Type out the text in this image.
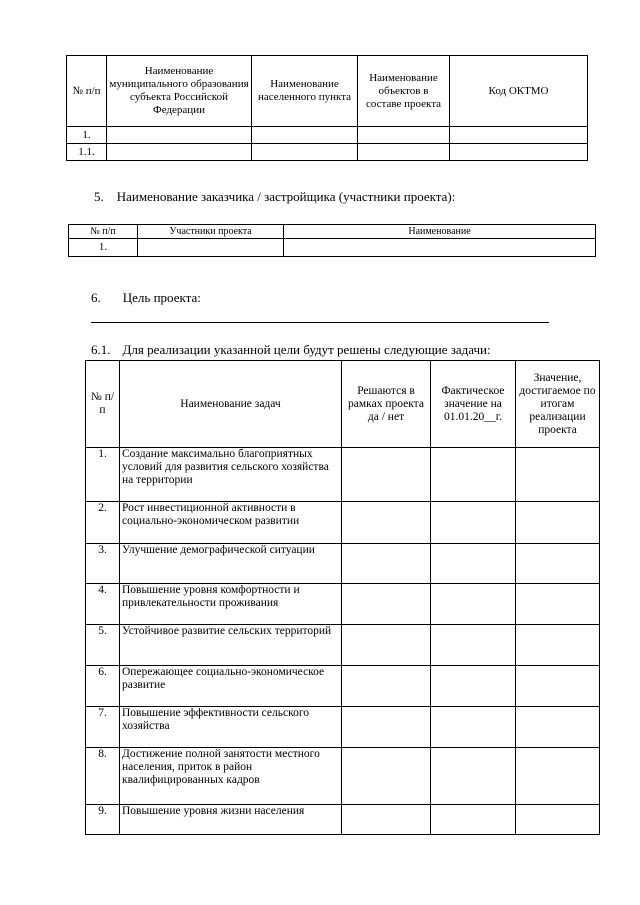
№ п/п	Наименование муниципального образования субъекта Российской Федерации	Наименование населенного пункта	Наименование объектов в составе проекта	Код ОКТМО
1.				
1.1.				
5. Наименование заказчика / застройщика (участники проекта):
№ п/п	Участники проекта	Наименование
1.		
6. Цель проекта:
6.1. Для реализации указанной цели будут решены следующие задачи:
№ п/п	Наименование задач	Решаются в рамках проекта да / нет	Фактическое значение на 01.01.20__г.	Значение, достигаемое по итогам реализации проекта
1.	Создание максимально благоприятных условий для развития сельского хозяйства на территории			
2.	Рост инвестиционной активности в социально-экономическом развитии			
3.	Улучшение демографической ситуации			
4.	Повышение уровня комфортности и привлекательности проживания			
5.	Устойчивое развитие сельских территорий			
6.	Опережающее социально-экономическое развитие			
7.	Повышение эффективности сельского хозяйства			
8.	Достижение полной занятости местного населения, приток в район квалифицированных кадров			
9.	Повышение уровня жизни населения			
